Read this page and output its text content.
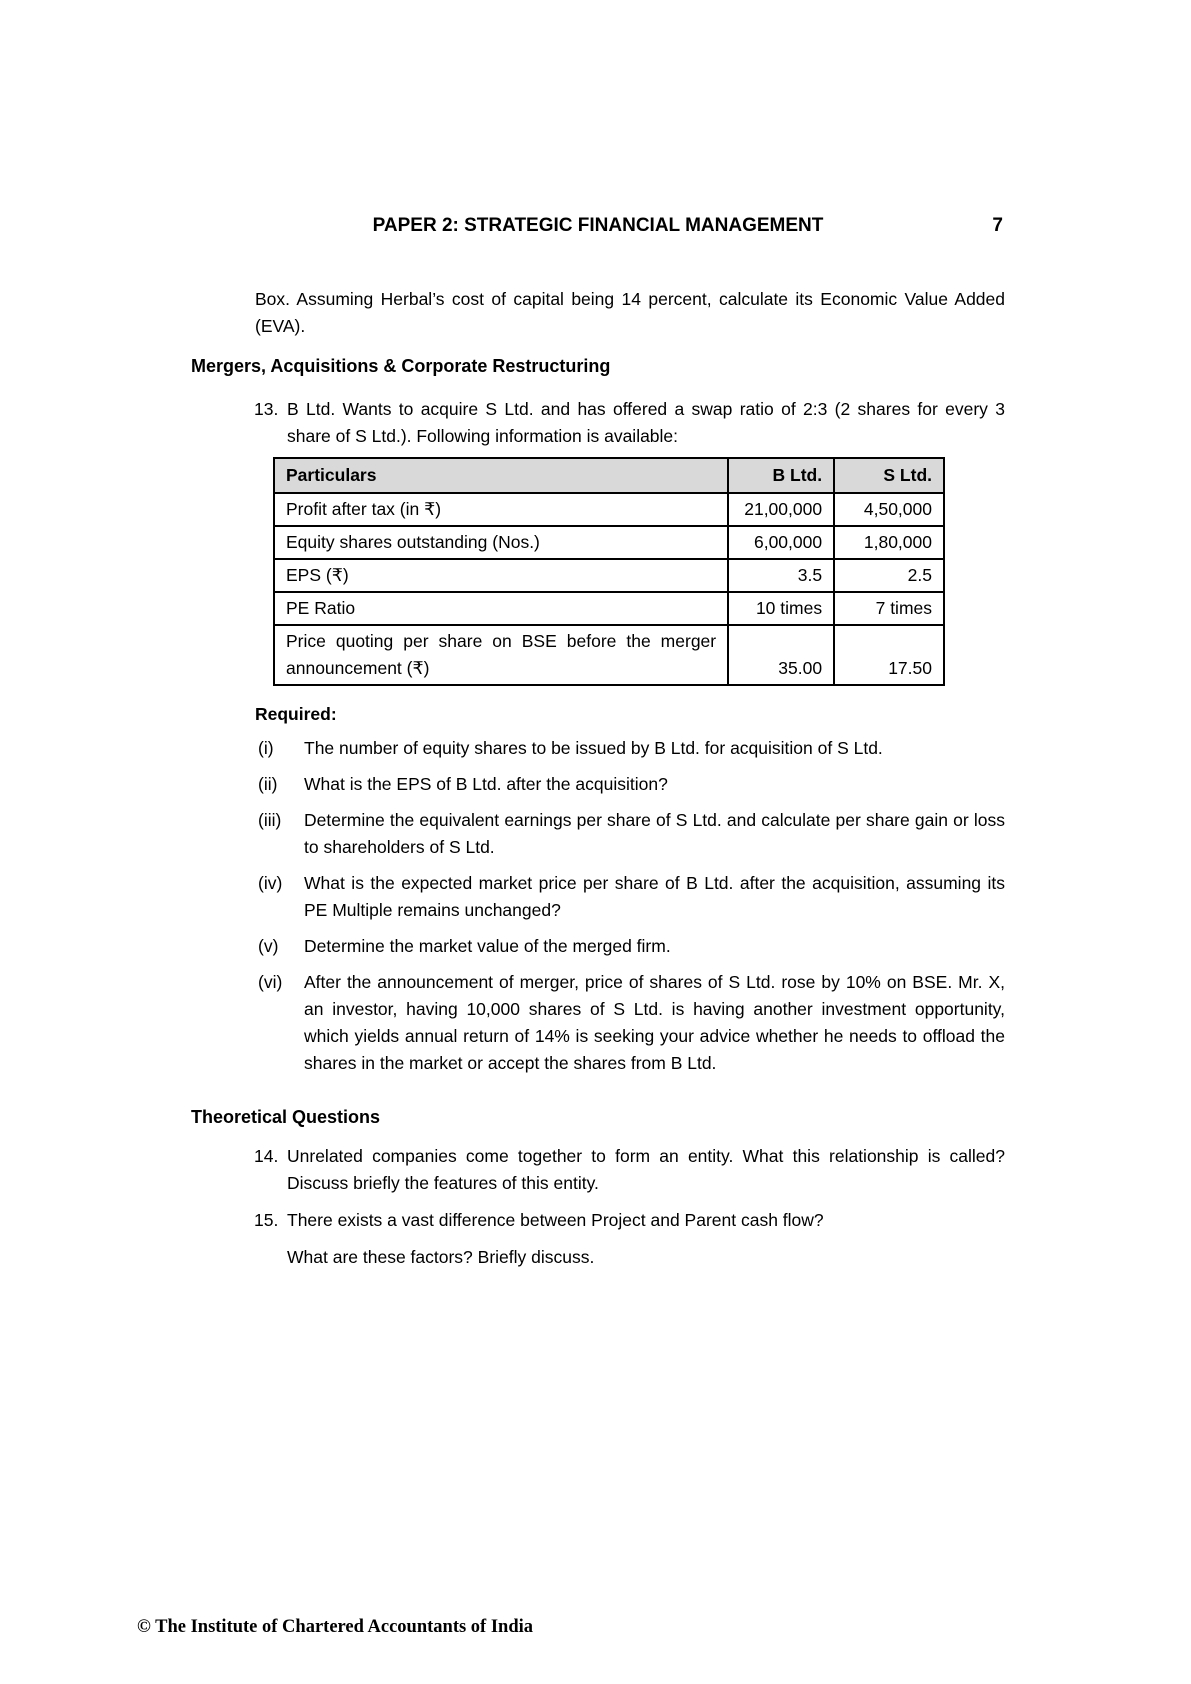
PAPER 2: STRATEGIC FINANCIAL MANAGEMENT	7

Box. Assuming Herbal’s cost of capital being 14 percent, calculate its Economic Value Added (EVA).

Mergers, Acquisitions & Corporate Restructuring
13. B Ltd. Wants to acquire S Ltd. and has offered a swap ratio of 2:3 (2 shares for every 3 share of S Ltd.). Following information is available:
Particulars	B Ltd.	S Ltd.
Profit after tax (in ₹)	21,00,000	4,50,000
Equity shares outstanding (Nos.)	6,00,000	1,80,000
EPS (₹)	3.5	2.5
PE Ratio	10 times	7 times
Price quoting per share on BSE before the merger announcement (₹)	35.00	17.50
Required:
(i)	The number of equity shares to be issued by B Ltd. for acquisition of S Ltd.
(ii)	What is the EPS of B Ltd. after the acquisition?
(iii)	Determine the equivalent earnings per share of S Ltd. and calculate per share gain or loss to shareholders of S Ltd.
(iv)	What is the expected market price per share of B Ltd. after the acquisition, assuming its PE Multiple remains unchanged?
(v)	Determine the market value of the merged firm.
(vi)	After the announcement of merger, price of shares of S Ltd. rose by 10% on BSE. Mr. X, an investor, having 10,000 shares of S Ltd. is having another investment opportunity, which yields annual return of 14% is seeking your advice whether he needs to offload the shares in the market or accept the shares from B Ltd.
Theoretical Questions
14. Unrelated companies come together to form an entity. What this relationship is called? Discuss briefly the features of this entity.
15. There exists a vast difference between Project and Parent cash flow?
What are these factors? Briefly discuss.
© The Institute of Chartered Accountants of India
